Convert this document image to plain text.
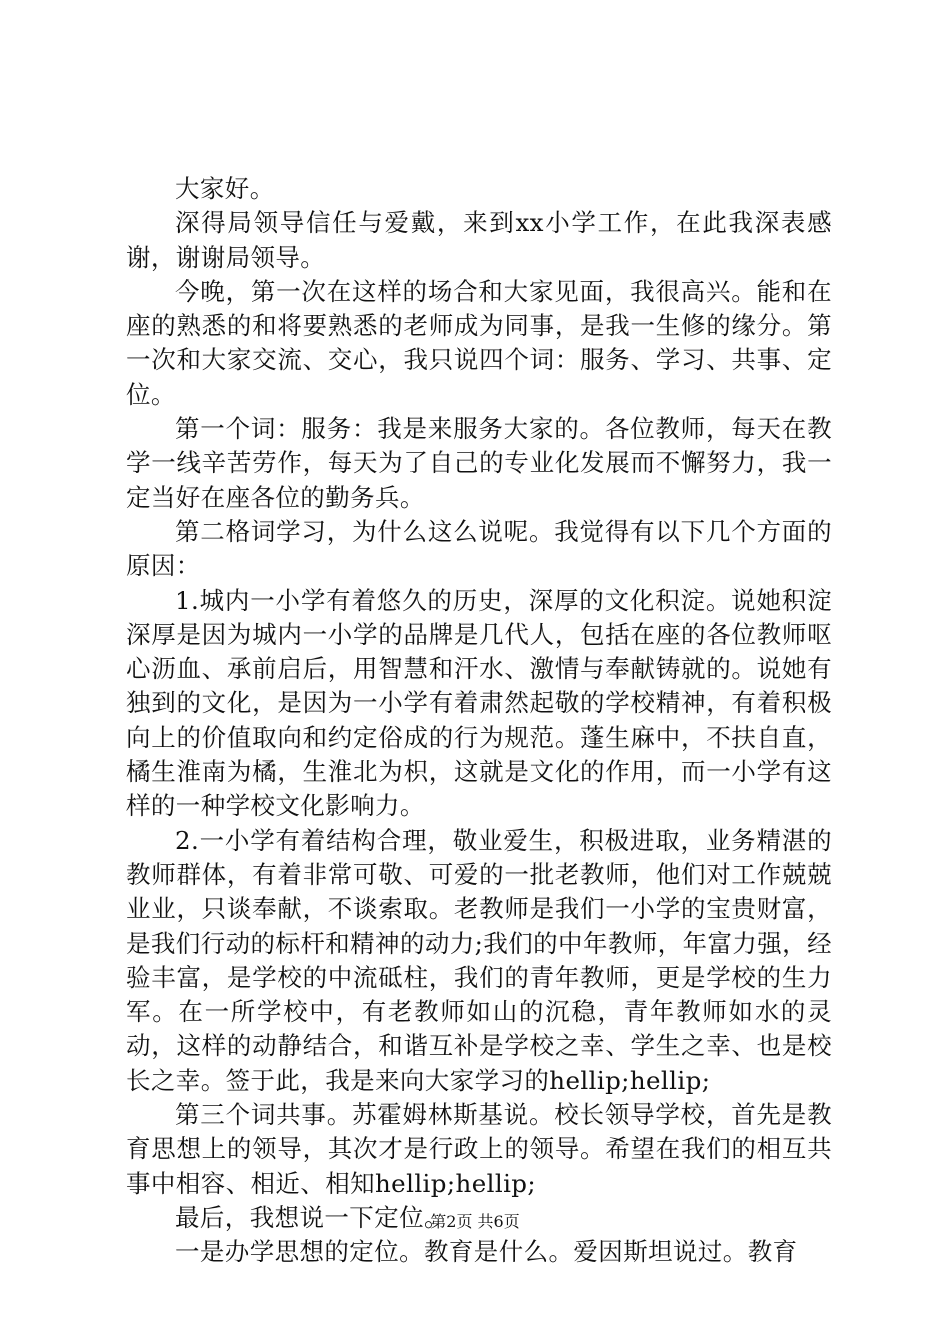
大家好。

深得局领导信任与爱戴，来到xx小学工作，在此我深表感谢，谢谢局领导。

今晚，第一次在这样的场合和大家见面，我很高兴。能和在座的熟悉的和将要熟悉的老师成为同事，是我一生修的缘分。第一次和大家交流、交心，我只说四个词：服务、学习、共事、定位。

第一个词：服务：我是来服务大家的。各位教师，每天在教学一线辛苦劳作，每天为了自己的专业化发展而不懈努力，我一定当好在座各位的勤务兵。

第二格词学习，为什么这么说呢。我觉得有以下几个方面的原因：

1.城内一小学有着悠久的历史，深厚的文化积淀。说她积淀深厚是因为城内一小学的品牌是几代人，包括在座的各位教师呕心沥血、承前启后，用智慧和汗水、激情与奉献铸就的。说她有独到的文化，是因为一小学有着肃然起敬的学校精神，有着积极向上的价值取向和约定俗成的行为规范。蓬生麻中，不扶自直，橘生淮南为橘，生淮北为枳，这就是文化的作用，而一小学有这样的一种学校文化影响力。

2.一小学有着结构合理，敬业爱生，积极进取，业务精湛的教师群体，有着非常可敬、可爱的一批老教师，他们对工作兢兢业业，只谈奉献，不谈索取。老教师是我们一小学的宝贵财富，是我们行动的标杆和精神的动力;我们的中年教师，年富力强，经验丰富，是学校的中流砥柱，我们的青年教师，更是学校的生力军。在一所学校中，有老教师如山的沉稳，青年教师如水的灵动，这样的动静结合，和谐互补是学校之幸、学生之幸、也是校长之幸。签于此，我是来向大家学习的hellip;hellip;

第三个词共事。苏霍姆林斯基说。校长领导学校，首先是教育思想上的领导，其次才是行政上的领导。希望在我们的相互共事中相容、相近、相知hellip;hellip;

最后，我想说一下定位。

一是办学思想的定位。教育是什么。爱因斯坦说过。教育

第2页 共6页
